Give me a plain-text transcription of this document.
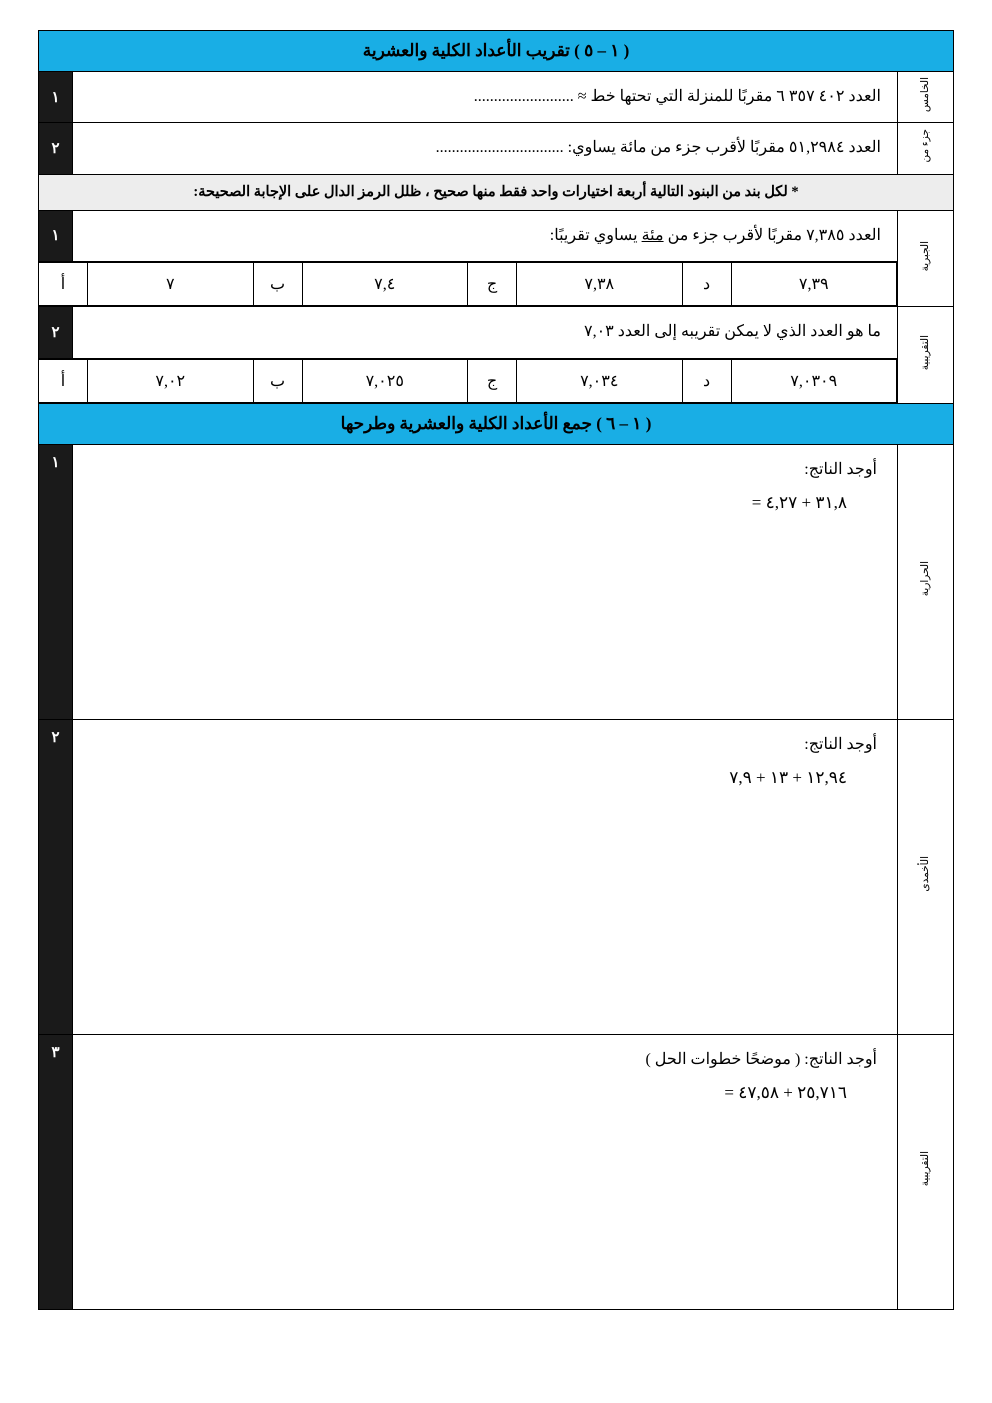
( ١ – ٥ ) تقريب الأعداد الكلية والعشرية
الخامس	العدد ٤٠٢ ٣٥٧ ٦ مقربًا للمنزلة التي تحتها خط ≈ .........................	١
جزء من	العدد ٥١,٢٩٨٤ مقربًا لأقرب جزء من مائة يساوي: ................................	٢
* لكل بند من البنود التالية أربعة اختيارات واحد فقط منها صحيح ، ظلل الرمز الدال على الإجابة الصحيحة:
الجبرية	العدد ٧,٣٨٥ مقربًا لأقرب جزء من مئة يساوي تقريبًا:	١

٧,٣٩	د	٧,٣٨	ج	٧,٤	ب	٧	أ

التقريبية	ما هو العدد الذي لا يمكن تقريبه إلى العدد ٧,٠٣	٢

٧,٠٣٠٩	د	٧,٠٣٤	ج	٧,٠٢٥	ب	٧,٠٢	أ

( ١ – ٦ ) جمع الأعداد الكلية والعشرية وطرحها
الحرارية	
أوجد الناتج:
٣١,٨ + ٤,٢٧ =
	١
الأخمدى	
أوجد الناتج:
١٢,٩٤ + ١٣ + ٧,٩
	٢
التقريبية	
أوجد الناتج: ( موضحًا خطوات الحل )
٢٥,٧١٦ + ٤٧,٥٨ =
	٣
